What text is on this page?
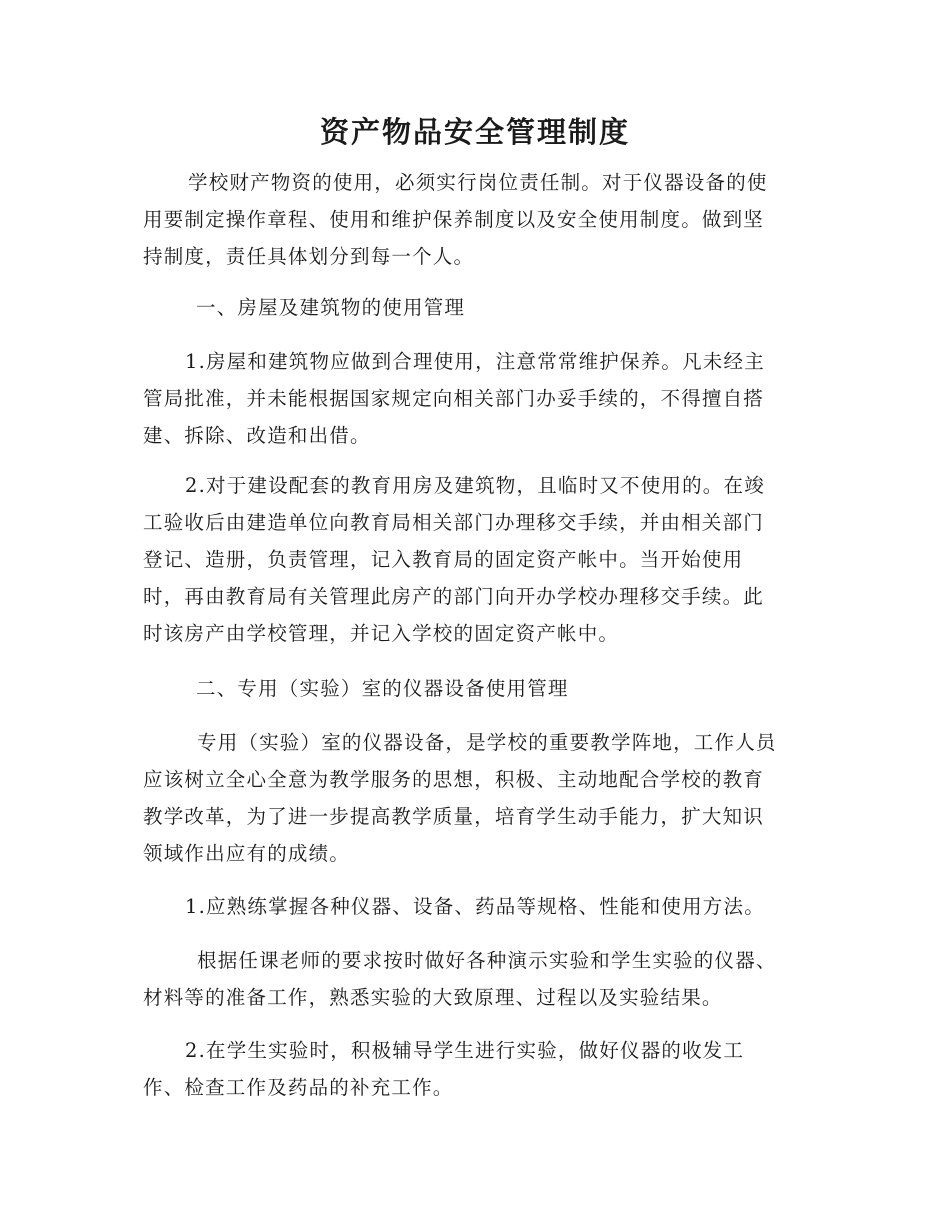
资产物品安全管理制度
学校财产物资的使用，必须实行岗位责任制。对于仪器设备的使
用要制定操作章程、使用和维护保养制度以及安全使用制度。做到坚
持制度，责任具体划分到每一个人。
一、房屋及建筑物的使用管理
1.房屋和建筑物应做到合理使用，注意常常维护保养。凡未经主
管局批准，并未能根据国家规定向相关部门办妥手续的，不得擅自搭
建、拆除、改造和出借。
2.对于建设配套的教育用房及建筑物，且临时又不使用的。在竣
工验收后由建造单位向教育局相关部门办理移交手续，并由相关部门
登记、造册，负责管理，记入教育局的固定资产帐中。当开始使用
时，再由教育局有关管理此房产的部门向开办学校办理移交手续。此
时该房产由学校管理，并记入学校的固定资产帐中。
二、专用（实验）室的仪器设备使用管理
专用（实验）室的仪器设备，是学校的重要教学阵地，工作人员
应该树立全心全意为教学服务的思想，积极、主动地配合学校的教育
教学改革，为了进一步提高教学质量，培育学生动手能力，扩大知识
领域作出应有的成绩。
1.应熟练掌握各种仪器、设备、药品等规格、性能和使用方法。
根据任课老师的要求按时做好各种演示实验和学生实验的仪器、
材料等的准备工作，熟悉实验的大致原理、过程以及实验结果。
2.在学生实验时，积极辅导学生进行实验，做好仪器的收发工
作、检查工作及药品的补充工作。
